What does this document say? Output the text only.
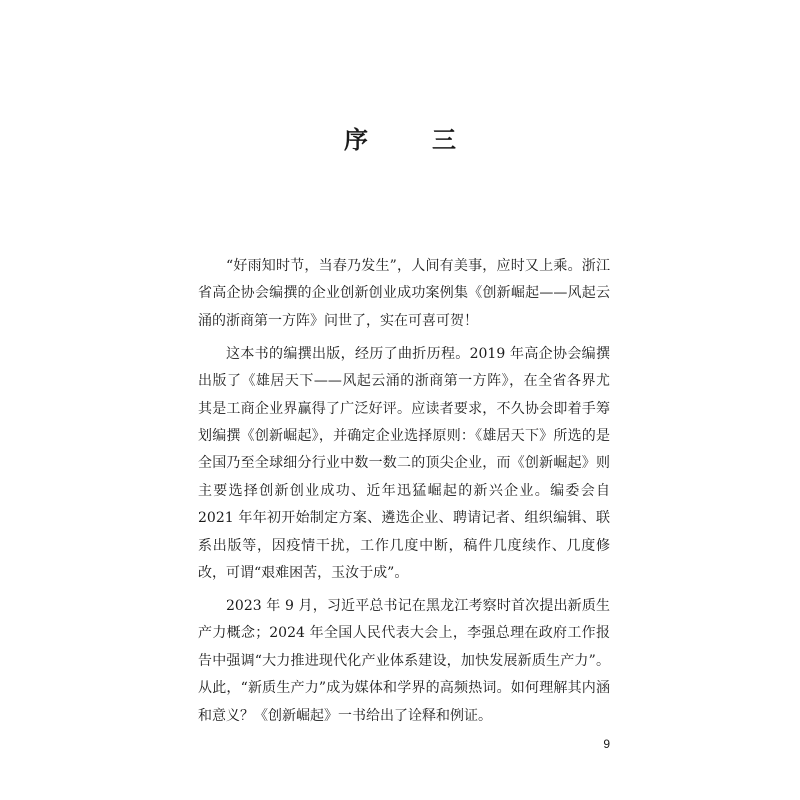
序　三

“好雨知时节，当春乃发生”，人间有美事，应时又上乘。浙江省高企协会编撰的企业创新创业成功案例集《创新崛起——风起云涌的浙商第一方阵》问世了，实在可喜可贺！

这本书的编撰出版，经历了曲折历程。2019 年高企协会编撰出版了《雄居天下——风起云涌的浙商第一方阵》，在全省各界尤其是工商企业界赢得了广泛好评。应读者要求，不久协会即着手筹划编撰《创新崛起》，并确定企业选择原则：《雄居天下》所选的是全国乃至全球细分行业中数一数二的顶尖企业，而《创新崛起》则主要选择创新创业成功、近年迅猛崛起的新兴企业。编委会自 2021 年年初开始制定方案、遴选企业、聘请记者、组织编辑、联系出版等，因疫情干扰，工作几度中断，稿件几度续作、几度修改，可谓“艰难困苦，玉汝于成”。

2023 年 9 月，习近平总书记在黑龙江考察时首次提出新质生产力概念；2024 年全国人民代表大会上，李强总理在政府工作报告中强调“大力推进现代化产业体系建设，加快发展新质生产力”。从此，“新质生产力”成为媒体和学界的高频热词。如何理解其内涵和意义？《创新崛起》一书给出了诠释和例证。

9
